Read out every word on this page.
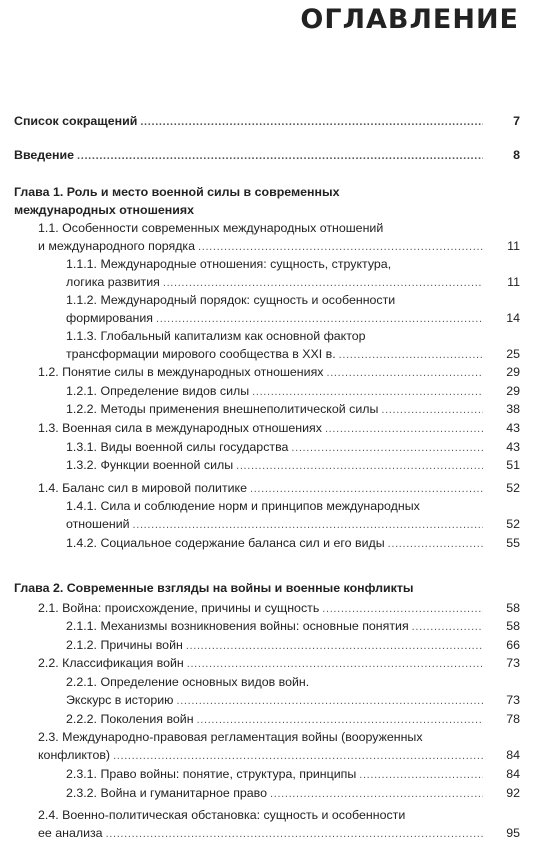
ОГЛАВЛЕНИЕ
Список сокращений . . .	7
Введение . . .	8
Глава 1. Роль и место военной силы в современных
международных отношениях
1.1. Особенности современных международных отношений
и международного порядка . . .	11
1.1.1. Международные отношения: сущность, структура,
логика развития . . .	11
1.1.2. Международный порядок: сущность и особенности
формирования . . .	14
1.1.3. Глобальный капитализм как основной фактор
трансформации мирового сообщества в XXI в. . . .	25
1.2. Понятие силы в международных отношениях . . .	29
1.2.1. Определение видов силы . . .	29
1.2.2. Методы применения внешнеполитической силы . . .	38
1.3. Военная сила в международных отношениях . . .	43
1.3.1. Виды военной силы государства . . .	43
1.3.2. Функции военной силы . . .	51
1.4. Баланс сил в мировой политике . . .	52
1.4.1. Сила и соблюдение норм и принципов международных
отношений . . .	52
1.4.2. Социальное содержание баланса сил и его виды . . .	55
Глава 2. Современные взгляды на войны и военные конфликты
2.1. Война: происхождение, причины и сущность . . .	58
2.1.1. Механизмы возникновения войны: основные понятия . . .	58
2.1.2. Причины войн . . .	66
2.2. Классификация войн . . .	73
2.2.1. Определение основных видов войн.
Экскурс в историю . . .	73
2.2.2. Поколения войн . . .	78
2.3. Международно-правовая регламентация войны (вооруженных
конфликтов) . . .	84
2.3.1. Право войны: понятие, структура, принципы . . .	84
2.3.2. Война и гуманитарное право . . .	92
2.4. Военно-политическая обстановка: сущность и особенности
ее анализа . . .	95
